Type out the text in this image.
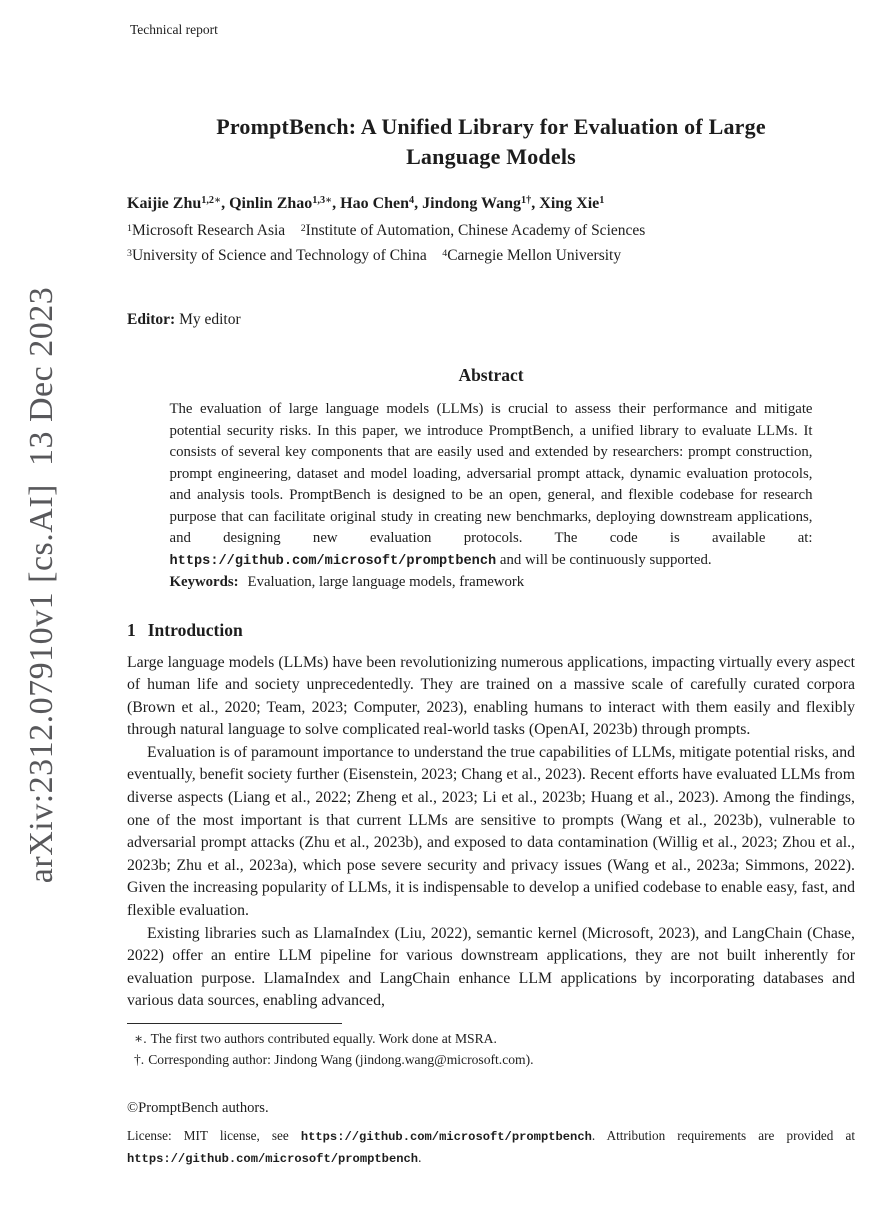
arXiv:2312.07910v1 [cs.AI]  13 Dec 2023
Technical report
PromptBench: A Unified Library for Evaluation of Large
Language Models
Kaijie Zhu$^{1,2∗}$, Qinlin Zhao$^{1,3∗}$, Hao Chen$^4$, Jindong Wang$^{1\dagger}$, Xing Xie$^1$
$^1$Microsoft Research Asia $^2$Institute of Automation, Chinese Academy of Sciences
$^3$University of Science and Technology of China $^4$Carnegie Mellon University
Editor: My editor
Abstract

The evaluation of large language models (LLMs) is crucial to assess their performance and mitigate potential security risks. In this paper, we introduce PromptBench, a unified library to evaluate LLMs. It consists of several key components that are easily used and extended by researchers: prompt construction, prompt engineering, dataset and model loading, adversarial prompt attack, dynamic evaluation protocols, and analysis tools. PromptBench is designed to be an open, general, and flexible codebase for research purpose that can facilitate original study in creating new benchmarks, deploying downstream applications, and designing new evaluation protocols. The code is available at: https://github.com/microsoft/promptbench and will be continuously supported.

Keywords: Evaluation, large language models, framework

1 Introduction

Large language models (LLMs) have been revolutionizing numerous applications, impacting virtually every aspect of human life and society unprecedentedly. They are trained on a massive scale of carefully curated corpora (Brown et al., 2020; Team, 2023; Computer, 2023), enabling humans to interact with them easily and flexibly through natural language to solve complicated real-world tasks (OpenAI, 2023b) through prompts.

Evaluation is of paramount importance to understand the true capabilities of LLMs, mitigate potential risks, and eventually, benefit society further (Eisenstein, 2023; Chang et al., 2023). Recent efforts have evaluated LLMs from diverse aspects (Liang et al., 2022; Zheng et al., 2023; Li et al., 2023b; Huang et al., 2023). Among the findings, one of the most important is that current LLMs are sensitive to prompts (Wang et al., 2023b), vulnerable to adversarial prompt attacks (Zhu et al., 2023b), and exposed to data contamination (Willig et al., 2023; Zhou et al., 2023b; Zhu et al., 2023a), which pose severe security and privacy issues (Wang et al., 2023a; Simmons, 2022). Given the increasing popularity of LLMs, it is indispensable to develop a unified codebase to enable easy, fast, and flexible evaluation.

Existing libraries such as LlamaIndex (Liu, 2022), semantic kernel (Microsoft, 2023), and LangChain (Chase, 2022) offer an entire LLM pipeline for various downstream applications, they are not built inherently for evaluation purpose. LlamaIndex and LangChain enhance LLM applications by incorporating databases and various data sources, enabling advanced,

∗. The first two authors contributed equally. Work done at MSRA.
†. Corresponding author: Jindong Wang (jindong.wang@microsoft.com).
©PromptBench authors.

License: MIT license, see https://github.com/microsoft/promptbench. Attribution requirements are provided at https://github.com/microsoft/promptbench.
